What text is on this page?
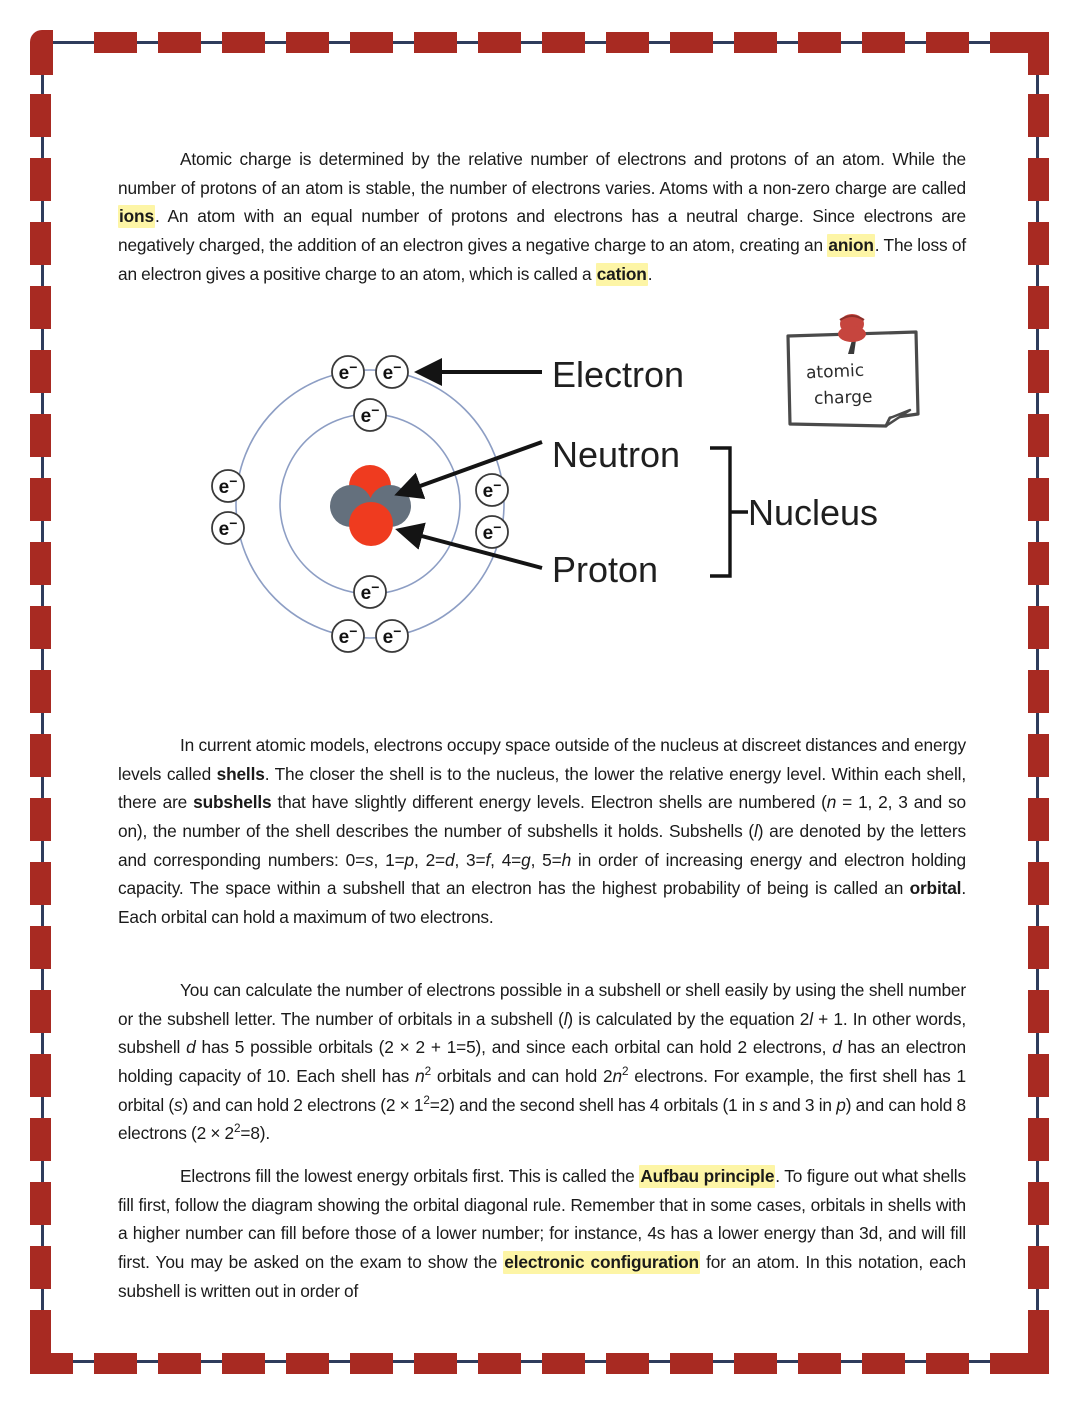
Atomic charge is determined by the relative number of electrons and protons of an atom. While the number of protons of an atom is stable, the number of electrons varies. Atoms with a non-zero charge are called ions. An atom with an equal number of protons and electrons has a neutral charge. Since electrons are negatively charged, the addition of an electron gives a negative charge to an atom, creating an anion. The loss of an electron gives a positive charge to an atom, which is called a cation.

e− e−
e−
e−
e−
e−
e−
e−
e− e−
Electron
Neutron
Proton
Nucleus
atomic
charge

In current atomic models, electrons occupy space outside of the nucleus at discreet distances and energy levels called shells. The closer the shell is to the nucleus, the lower the relative energy level. Within each shell, there are subshells that have slightly different energy levels. Electron shells are numbered (n = 1, 2, 3 and so on), the number of the shell describes the number of subshells it holds. Subshells (l) are denoted by the letters and corresponding numbers: 0=s, 1=p, 2=d, 3=f, 4=g, 5=h in order of increasing energy and electron holding capacity. The space within a subshell that an electron has the highest probability of being is called an orbital. Each orbital can hold a maximum of two electrons.

You can calculate the number of electrons possible in a subshell or shell easily by using the shell number or the subshell letter. The number of orbitals in a subshell (l) is calculated by the equation 2l + 1. In other words, subshell d has 5 possible orbitals (2 × 2 + 1=5), and since each orbital can hold 2 electrons, d has an electron holding capacity of 10. Each shell has $n^2$ orbitals and can hold $2n^2$ electrons. For example, the first shell has 1 orbital (s) and can hold 2 electrons $(2 \times 1^2=2)$ and the second shell has 4 orbitals (1 in s and 3 in p) and can hold 8 electrons $(2 \times 2^2=8)$.

Electrons fill the lowest energy orbitals first. This is called the Aufbau principle. To figure out what shells fill first, follow the diagram showing the orbital diagonal rule. Remember that in some cases, orbitals in shells with a higher number can fill before those of a lower number; for instance, 4s has a lower energy than 3d, and will fill first. You may be asked on the exam to show the electronic configuration for an atom. In this notation, each subshell is written out in order of
